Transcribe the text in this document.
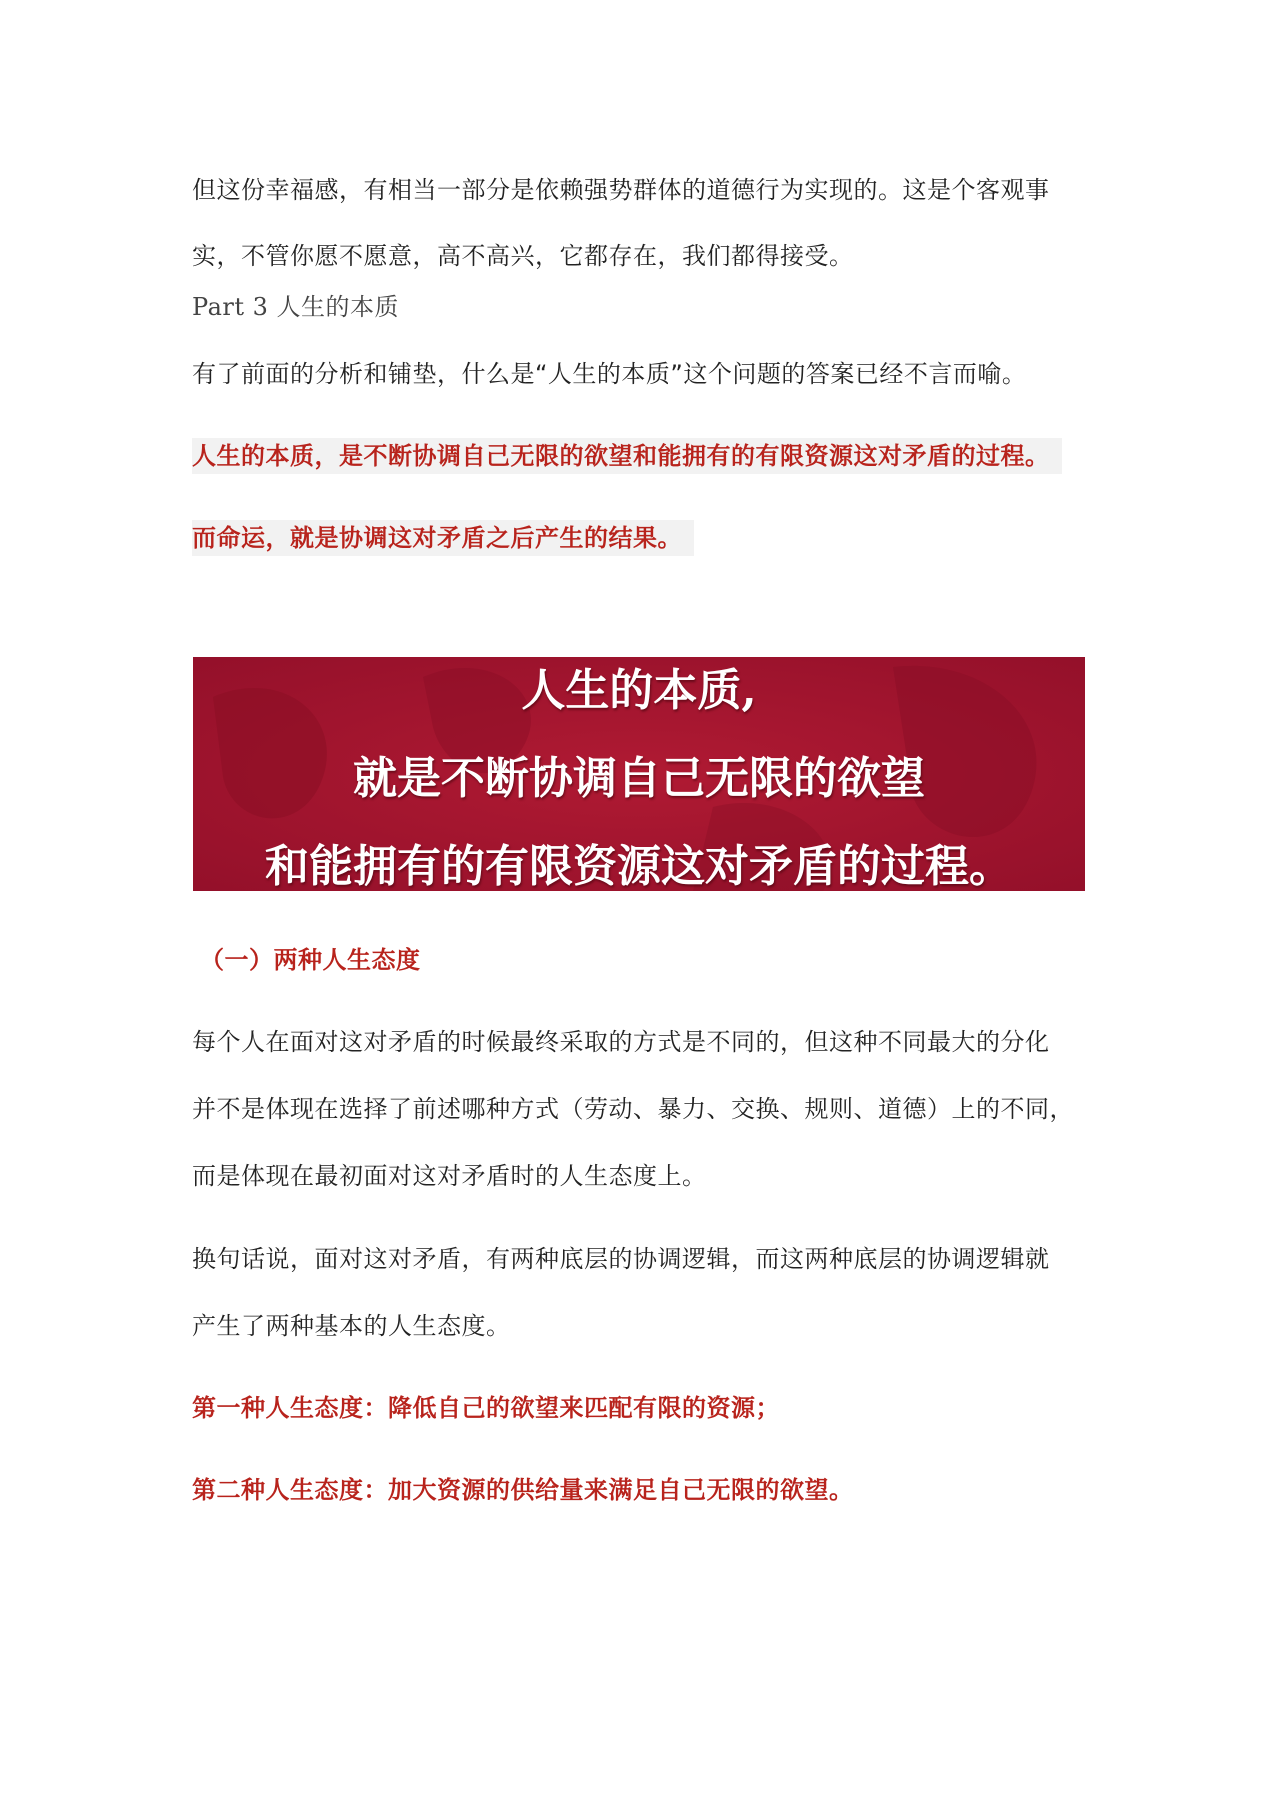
但这份幸福感，有相当一部分是依赖强势群体的道德行为实现的。这是个客观事
实，不管你愿不愿意，高不高兴，它都存在，我们都得接受。
Part 3 人生的本质
有了前面的分析和铺垫，什么是“人生的本质”这个问题的答案已经不言而喻。
人生的本质，是不断协调自己无限的欲望和能拥有的有限资源这对矛盾的过程。
而命运，就是协调这对矛盾之后产生的结果。
人生的本质,
就是不断协调自己无限的欲望
和能拥有的有限资源这对矛盾的过程。
（一）两种人生态度
每个人在面对这对矛盾的时候最终采取的方式是不同的，但这种不同最大的分化
并不是体现在选择了前述哪种方式（劳动、暴力、交换、规则、道德）上的不同，
而是体现在最初面对这对矛盾时的人生态度上。
换句话说，面对这对矛盾，有两种底层的协调逻辑，而这两种底层的协调逻辑就
产生了两种基本的人生态度。
第一种人生态度：降低自己的欲望来匹配有限的资源；
第二种人生态度：加大资源的供给量来满足自己无限的欲望。
